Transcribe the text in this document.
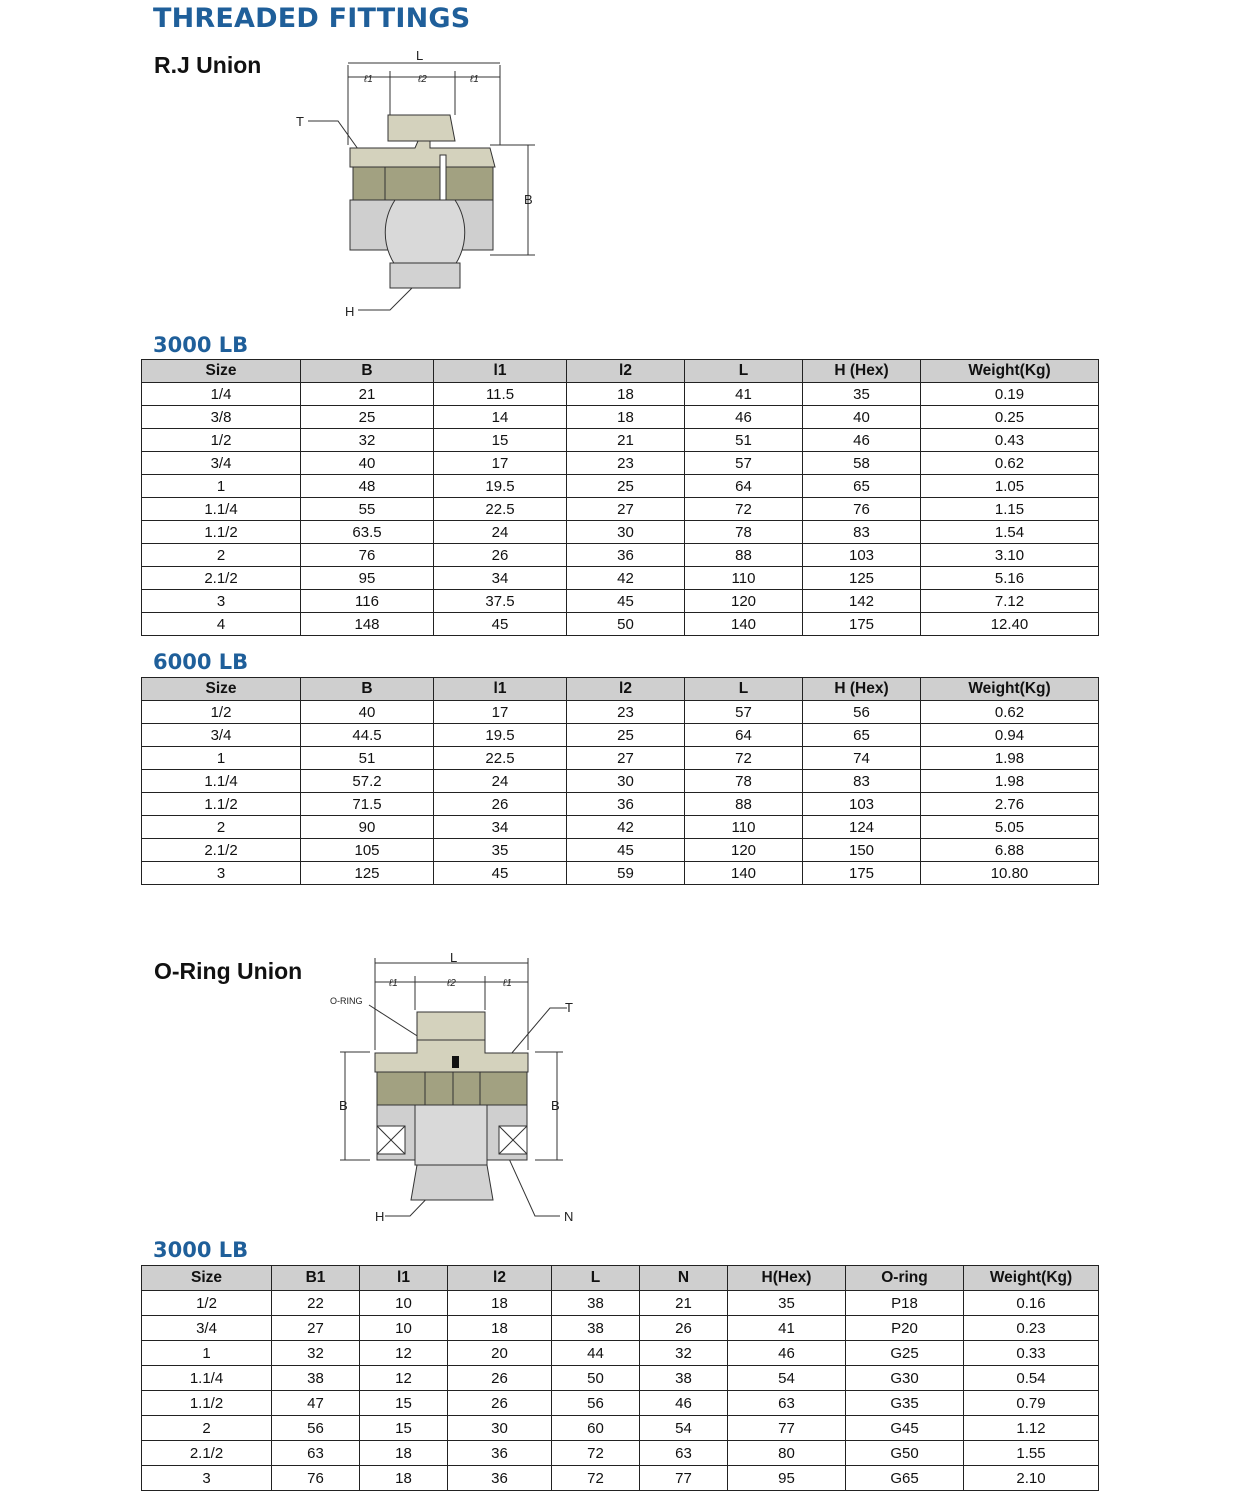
THREADED FITTINGS
R.J Union	L
ℓ1	ℓ2	ℓ1
T
B
H
3000 LB
Size	B	l1	l2	L	H (Hex)	Weight(Kg)
1/4	21	11.5	18	41	35	0.19
3/8	25	14	18	46	40	0.25
1/2	32	15	21	51	46	0.43
3/4	40	17	23	57	58	0.62
1	48	19.5	25	64	65	1.05
1.1/4	55	22.5	27	72	76	1.15
1.1/2	63.5	24	30	78	83	1.54
2	76	26	36	88	103	3.10
2.1/2	95	34	42	110	125	5.16
3	116	37.5	45	120	142	7.12
4	148	45	50	140	175	12.40
6000 LB
Size	B	l1	l2	L	H (Hex)	Weight(Kg)
1/2	40	17	23	57	56	0.62
3/4	44.5	19.5	25	64	65	0.94
1	51	22.5	27	72	74	1.98
1.1/4	57.2	24	30	78	83	1.98
1.1/2	71.5	26	36	88	103	2.76
2	90	34	42	110	124	5.05
2.1/2	105	35	45	120	150	6.88
3	125	45	59	140	175	10.80
O-Ring Union
L
ℓ1	ℓ2	ℓ1
O-RING	T
B	B
H	N
3000 LB
Size	B1	l1	l2	L	N	H(Hex)	O-ring	Weight(Kg)
1/2	22	10	18	38	21	35	P18	0.16
3/4	27	10	18	38	26	41	P20	0.23
1	32	12	20	44	32	46	G25	0.33
1.1/4	38	12	26	50	38	54	G30	0.54
1.1/2	47	15	26	56	46	63	G35	0.79
2	56	15	30	60	54	77	G45	1.12
2.1/2	63	18	36	72	63	80	G50	1.55
3	76	18	36	72	77	95	G65	2.10
